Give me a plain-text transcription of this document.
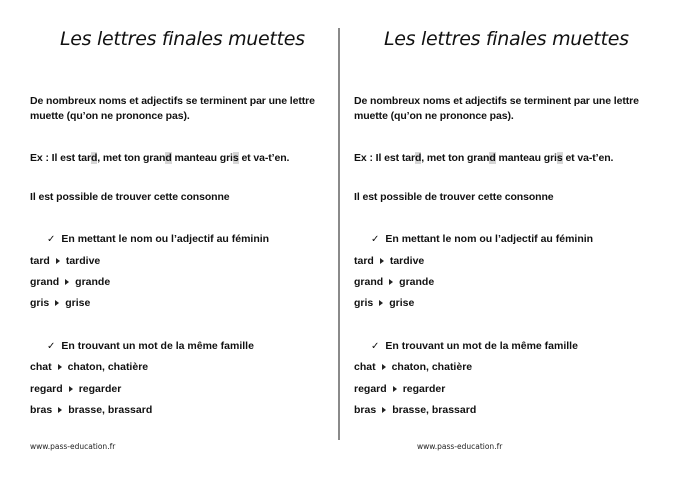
Les lettres finales muettes
De nombreux noms et adjectifs se terminent par une lettre
muette (qu’on ne prononce pas).
Ex : Il est tard, met ton grand manteau gris et va-t’en.
Il est possible de trouver cette consonne
✓ En mettant le nom ou l’adjectif au féminin
tard tardive
grand grande
gris grise
✓ En trouvant un mot de la même famille
chat chaton, chatière
regard regarder
bras brasse, brassard
www.pass-education.fr
Les lettres finales muettes
De nombreux noms et adjectifs se terminent par une lettre
muette (qu’on ne prononce pas).
Ex : Il est tard, met ton grand manteau gris et va-t’en.
Il est possible de trouver cette consonne
✓ En mettant le nom ou l’adjectif au féminin
tard tardive
grand grande
gris grise
✓ En trouvant un mot de la même famille
chat chaton, chatière
regard regarder
bras brasse, brassard
www.pass-education.fr
